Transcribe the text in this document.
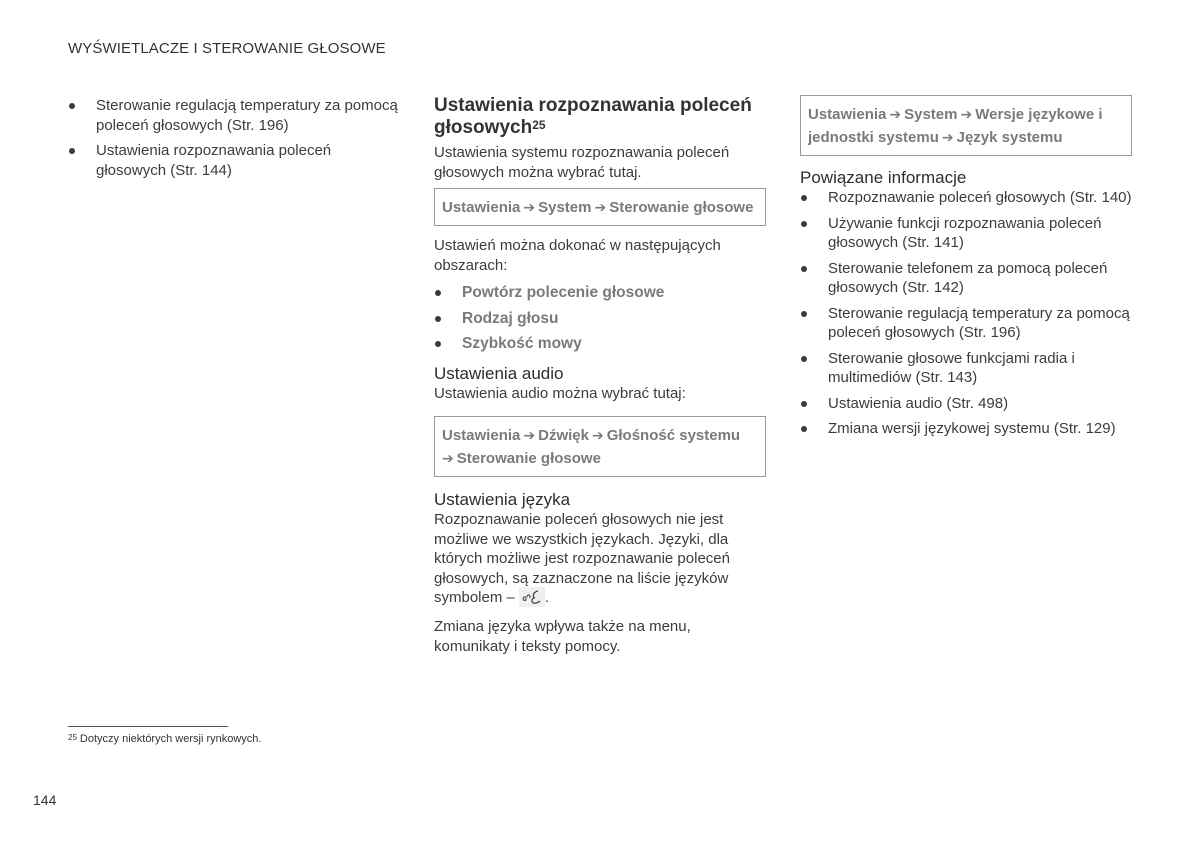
WYŚWIETLACZE I STEROWANIE GŁOSOWE
Sterowanie regulacją temperatury za pomocą poleceń głosowych (Str. 196)
Ustawienia rozpoznawania poleceń głosowych (Str. 144)
Ustawienia rozpoznawania poleceń głosowych$^{25}$

Ustawienia systemu rozpoznawania poleceń głosowych można wybrać tutaj.

Ustawienia ➔ System ➔ Sterowanie głosowe

Ustawień można dokonać w następujących obszarach:

Powtórz polecenie głosowe
Rodzaj głosu
Szybkość mowy
Ustawienia audio

Ustawienia audio można wybrać tutaj:

Ustawienia ➔ Dźwięk ➔ Głośność systemu
➔ Sterowanie głosowe
Ustawienia języka

Rozpoznawanie poleceń głosowych nie jest możliwe we wszystkich językach. Języki, dla których możliwe jest rozpoznawanie poleceń głosowych, są zaznaczone na liście języków symbolem – .

Zmiana języka wpływa także na menu, komunikaty i teksty pomocy.

Ustawienia ➔ System ➔ Wersje językowe i jednostki systemu ➔ Język systemu
Powiązane informacje
Rozpoznawanie poleceń głosowych (Str. 140)
Używanie funkcji rozpoznawania poleceń głosowych (Str. 141)
Sterowanie telefonem za pomocą poleceń głosowych (Str. 142)
Sterowanie regulacją temperatury za pomocą poleceń głosowych (Str. 196)
Sterowanie głosowe funkcjami radia i multimediów (Str. 143)
Ustawienia audio (Str. 498)
Zmiana wersji językowej systemu (Str. 129)
$^{25}$ Dotyczy niektórych wersji rynkowych.
144
